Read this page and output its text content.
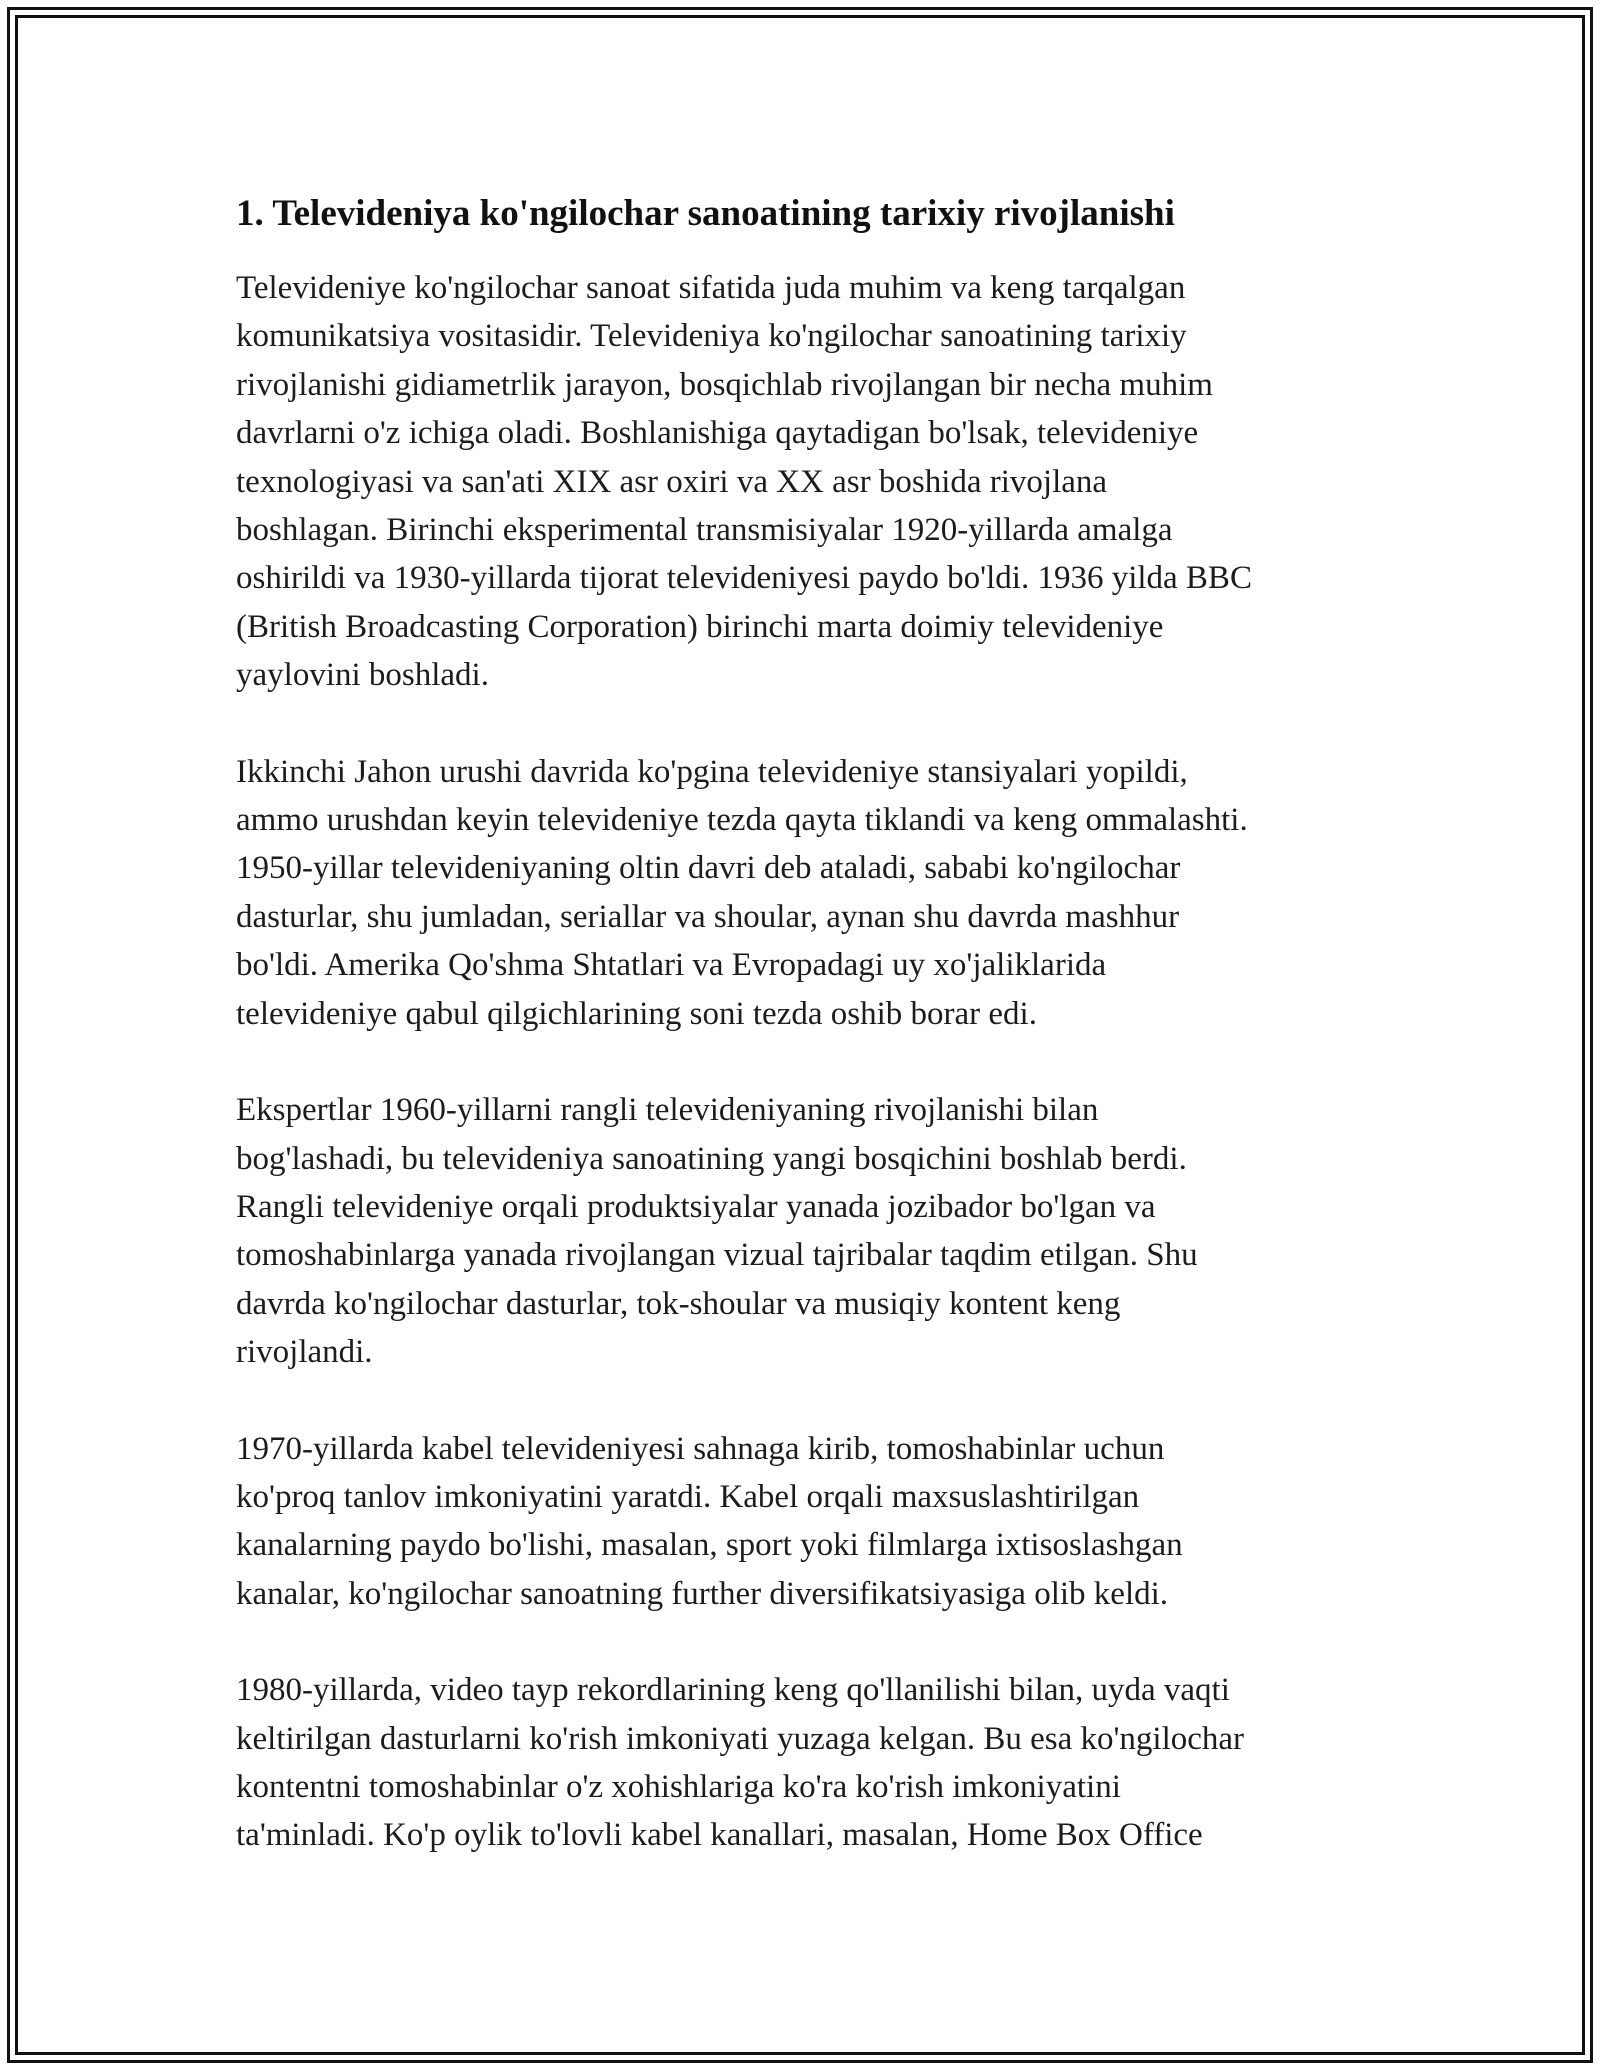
1. Televideniya ko'ngilochar sanoatining tarixiy rivojlanishi

Televideniye ko'ngilochar sanoat sifatida juda muhim va keng tarqalgan
komunikatsiya vositasidir. Televideniya ko'ngilochar sanoatining tarixiy
rivojlanishi gidiametrlik jarayon, bosqichlab rivojlangan bir necha muhim
davrlarni o'z ichiga oladi. Boshlanishiga qaytadigan bo'lsak, televideniye
texnologiyasi va san'ati XIX asr oxiri va XX asr boshida rivojlana
boshlagan. Birinchi eksperimental transmisiyalar 1920-yillarda amalga
oshirildi va 1930-yillarda tijorat televideniyesi paydo bo'ldi. 1936 yilda BBC
(British Broadcasting Corporation) birinchi marta doimiy televideniye
yaylovini boshladi.

Ikkinchi Jahon urushi davrida ko'pgina televideniye stansiyalari yopildi,
ammo urushdan keyin televideniye tezda qayta tiklandi va keng ommalashti.
1950-yillar televideniyaning oltin davri deb ataladi, sababi ko'ngilochar
dasturlar, shu jumladan, seriallar va shoular, aynan shu davrda mashhur
bo'ldi. Amerika Qo'shma Shtatlari va Evropadagi uy xo'jaliklarida
televideniye qabul qilgichlarining soni tezda oshib borar edi.

Ekspertlar 1960-yillarni rangli televideniyaning rivojlanishi bilan
bog'lashadi, bu televideniya sanoatining yangi bosqichini boshlab berdi.
Rangli televideniye orqali produktsiyalar yanada jozibador bo'lgan va
tomoshabinlarga yanada rivojlangan vizual tajribalar taqdim etilgan. Shu
davrda ko'ngilochar dasturlar, tok-shoular va musiqiy kontent keng
rivojlandi.

1970-yillarda kabel televideniyesi sahnaga kirib, tomoshabinlar uchun
ko'proq tanlov imkoniyatini yaratdi. Kabel orqali maxsuslashtirilgan
kanalarning paydo bo'lishi, masalan, sport yoki filmlarga ixtisoslashgan
kanalar, ko'ngilochar sanoatning further diversifikatsiyasiga olib keldi.

1980-yillarda, video tayp rekordlarining keng qo'llanilishi bilan, uyda vaqti
keltirilgan dasturlarni ko'rish imkoniyati yuzaga kelgan. Bu esa ko'ngilochar
kontentni tomoshabinlar o'z xohishlariga ko'ra ko'rish imkoniyatini
ta'minladi. Ko'p oylik to'lovli kabel kanallari, masalan, Home Box Office
